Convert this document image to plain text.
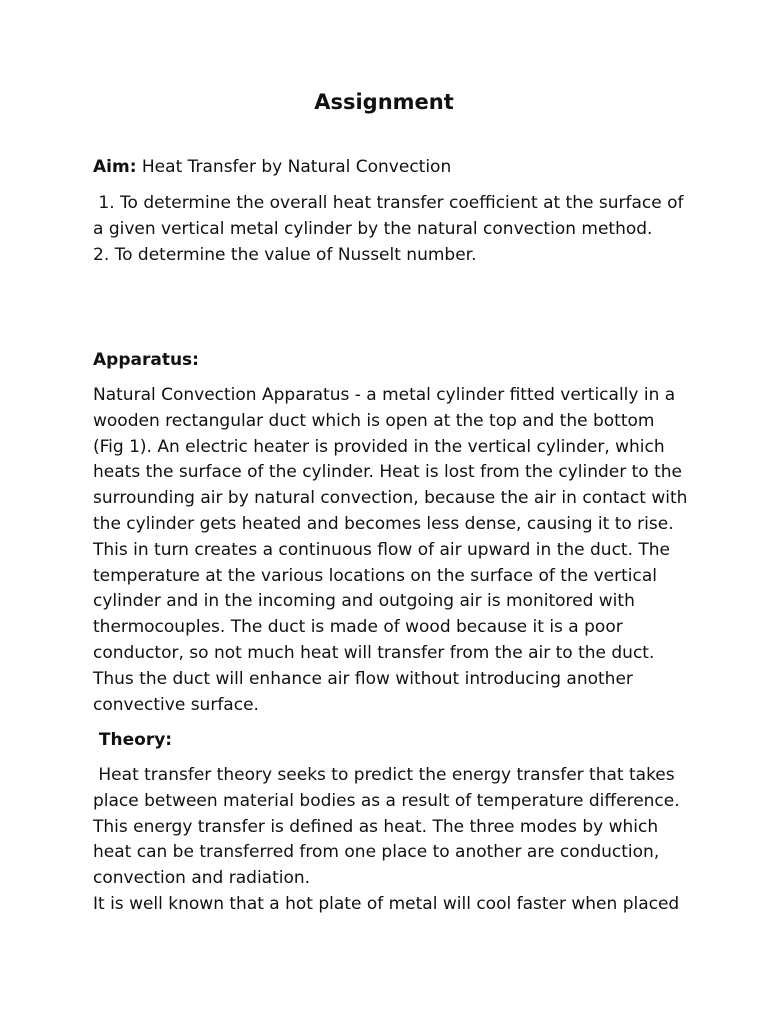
Assignment

Aim: Heat Transfer by Natural Convection

1. To determine the overall heat transfer coefficient at the surface of
a given vertical metal cylinder by the natural convection method.
2. To determine the value of Nusselt number.

Apparatus:

Natural Convection Apparatus - a metal cylinder fitted vertically in a
wooden rectangular duct which is open at the top and the bottom
(Fig 1). An electric heater is provided in the vertical cylinder, which
heats the surface of the cylinder. Heat is lost from the cylinder to the
surrounding air by natural convection, because the air in contact with
the cylinder gets heated and becomes less dense, causing it to rise.
This in turn creates a continuous flow of air upward in the duct. The
temperature at the various locations on the surface of the vertical
cylinder and in the incoming and outgoing air is monitored with
thermocouples. The duct is made of wood because it is a poor
conductor, so not much heat will transfer from the air to the duct.
Thus the duct will enhance air flow without introducing another
convective surface.

Theory:

Heat transfer theory seeks to predict the energy transfer that takes
place between material bodies as a result of temperature difference.
This energy transfer is defined as heat. The three modes by which
heat can be transferred from one place to another are conduction,
convection and radiation.
It is well known that a hot plate of metal will cool faster when placed
